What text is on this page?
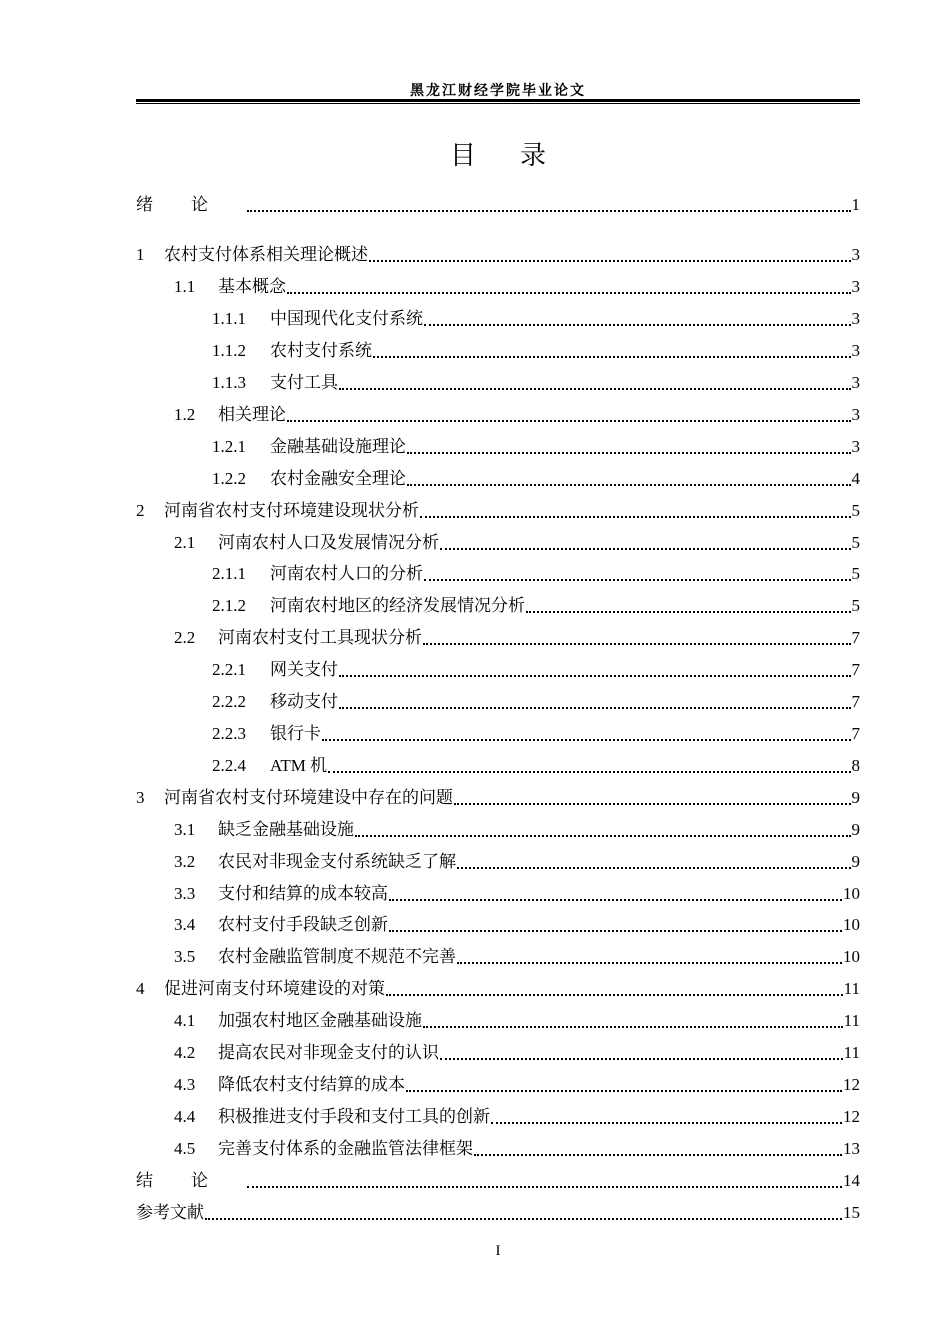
黑龙江财经学院毕业论文
目录
绪论	1
1	农村支付体系相关理论概述	3
1.1	基本概念	3
1.1.1	中国现代化支付系统	3
1.1.2	农村支付系统	3
1.1.3	支付工具	3
1.2	相关理论	3
1.2.1	金融基础设施理论	3
1.2.2	农村金融安全理论	4
2	河南省农村支付环境建设现状分析	5
2.1	河南农村人口及发展情况分析	5
2.1.1	河南农村人口的分析	5
2.1.2	河南农村地区的经济发展情况分析	5
2.2	河南农村支付工具现状分析	7
2.2.1	网关支付	7
2.2.2	移动支付	7
2.2.3	银行卡	7
2.2.4	ATM 机	8
3	河南省农村支付环境建设中存在的问题	9
3.1	缺乏金融基础设施	9
3.2	农民对非现金支付系统缺乏了解	9
3.3	支付和结算的成本较高	10
3.4	农村支付手段缺乏创新	10
3.5	农村金融监管制度不规范不完善	10
4	促进河南支付环境建设的对策	11
4.1	加强农村地区金融基础设施	11
4.2	提高农民对非现金支付的认识	11
4.3	降低农村支付结算的成本	12
4.4	积极推进支付手段和支付工具的创新	12
4.5	完善支付体系的金融监管法律框架	13
结论	14
参考文献	15
I
